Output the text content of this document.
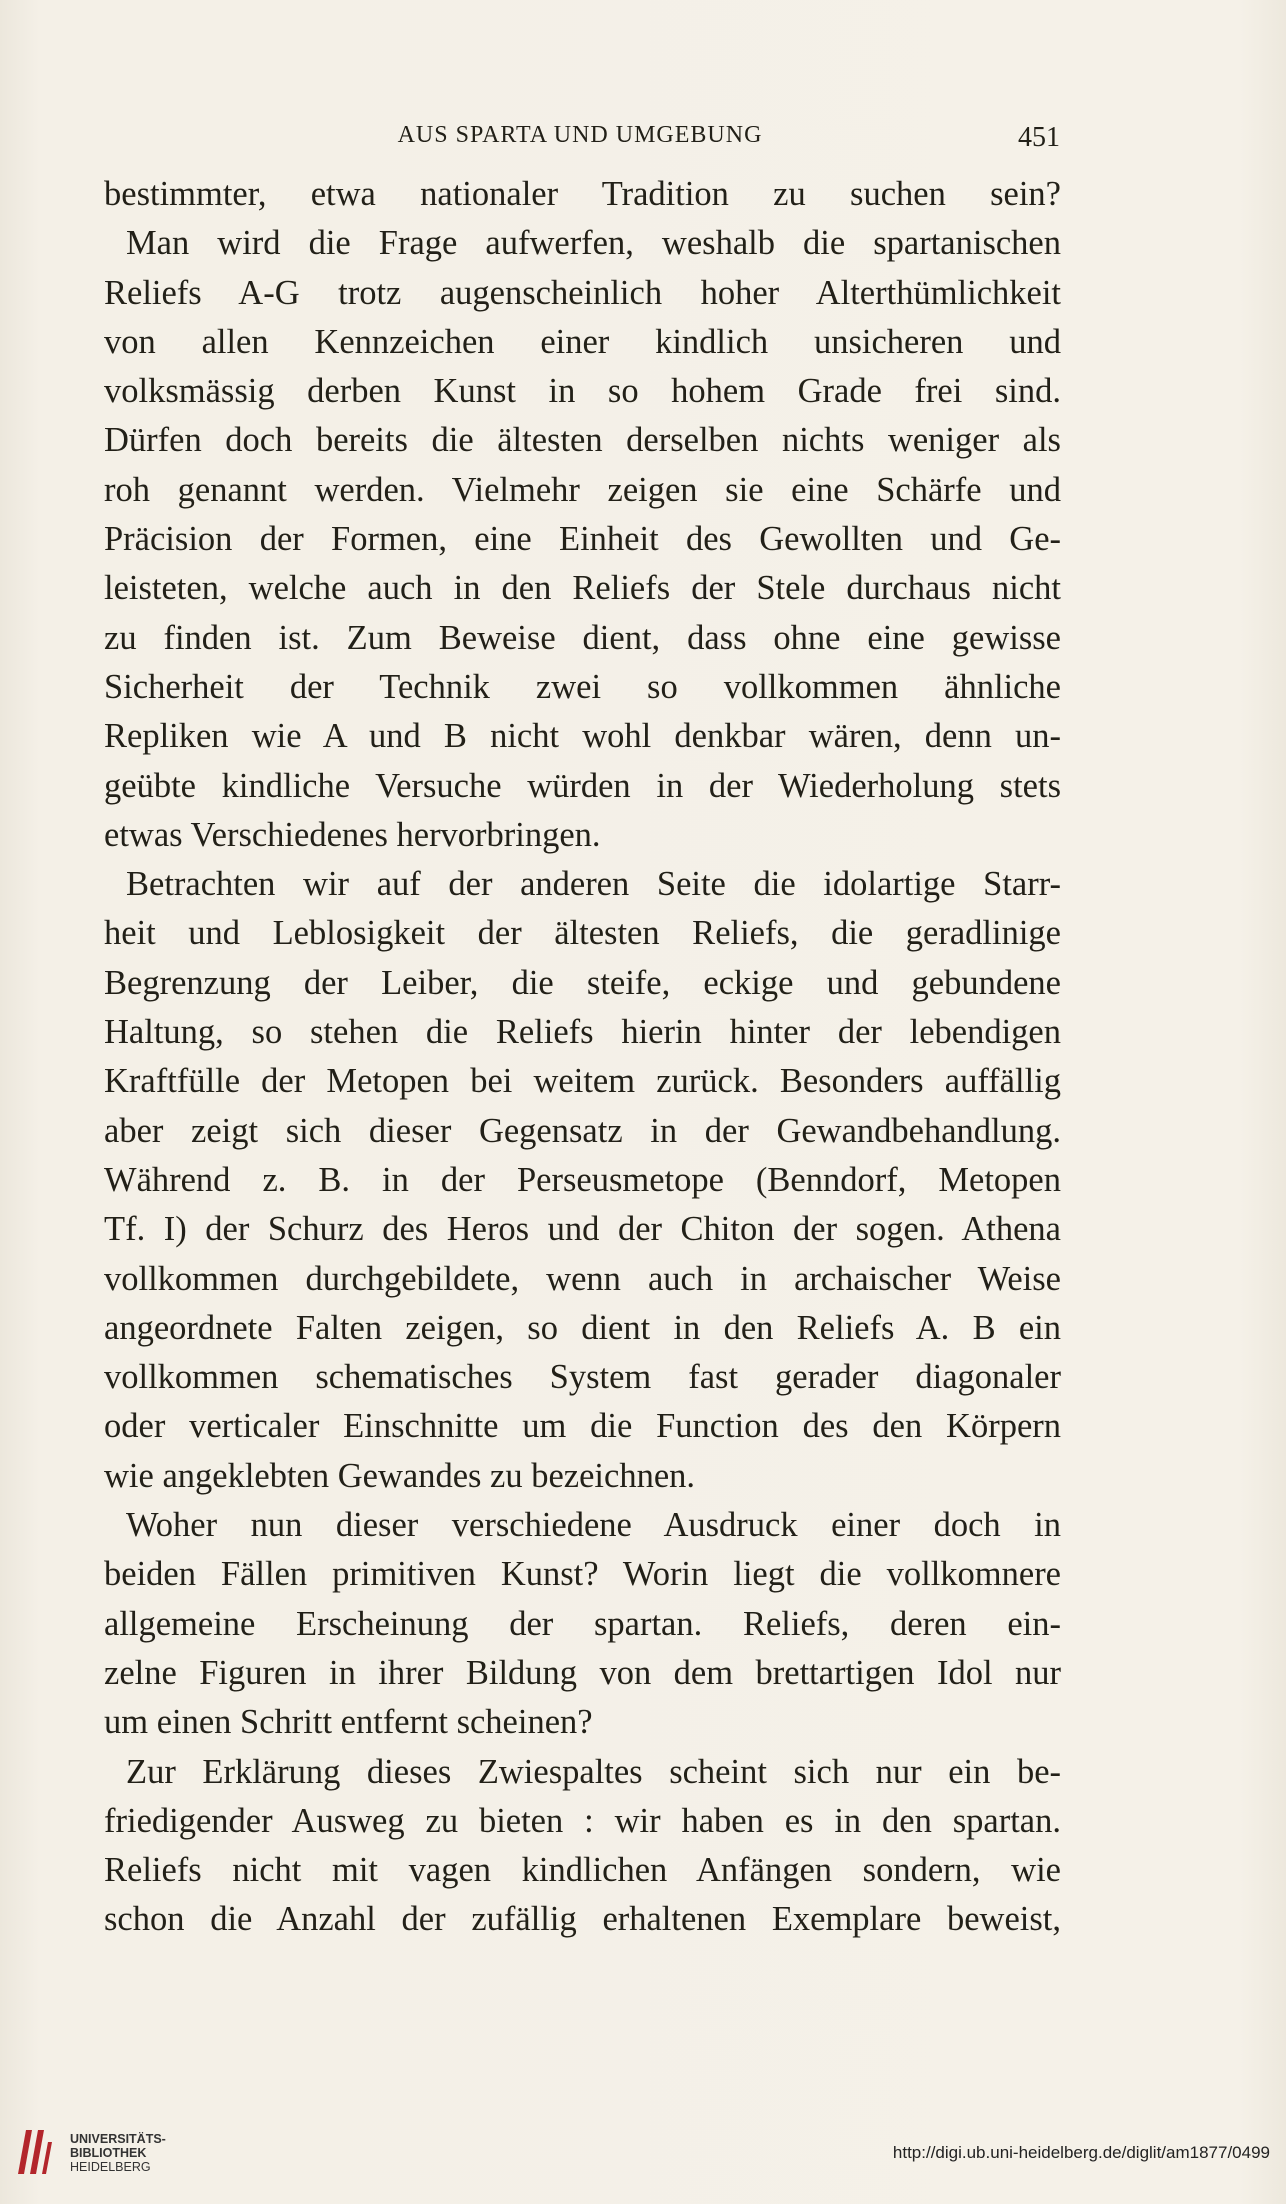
AUS SPARTA UND UMGEBUNG	451
bestimmter, etwa nationaler Tradition zu suchen sein?
Man wird die Frage aufwerfen, weshalb die spartanischen
Reliefs A-G trotz augenscheinlich hoher Alterthümlichkeit
von allen Kennzeichen einer kindlich unsicheren und
volksmässig derben Kunst in so hohem Grade frei sind.
Dürfen doch bereits die ältesten derselben nichts weniger als
roh genannt werden. Vielmehr zeigen sie eine Schärfe und
Präcision der Formen, eine Einheit des Gewollten und Ge-
leisteten, welche auch in den Reliefs der Stele durchaus nicht
zu finden ist. Zum Beweise dient, dass ohne eine gewisse
Sicherheit der Technik zwei so vollkommen ähnliche
Repliken wie A und B nicht wohl denkbar wären, denn un-
geübte kindliche Versuche würden in der Wiederholung stets
etwas Verschiedenes hervorbringen.
Betrachten wir auf der anderen Seite die idolartige Starr-
heit und Leblosigkeit der ältesten Reliefs, die geradlinige
Begrenzung der Leiber, die steife, eckige und gebundene
Haltung, so stehen die Reliefs hierin hinter der lebendigen
Kraftfülle der Metopen bei weitem zurück. Besonders auffällig
aber zeigt sich dieser Gegensatz in der Gewandbehandlung.
Während z. B. in der Perseusmetope (Benndorf, Metopen
Tf. I) der Schurz des Heros und der Chiton der sogen. Athena
vollkommen durchgebildete, wenn auch in archaischer Weise
angeordnete Falten zeigen, so dient in den Reliefs A. B ein
vollkommen schematisches System fast gerader diagonaler
oder verticaler Einschnitte um die Function des den Körpern
wie angeklebten Gewandes zu bezeichnen.
Woher nun dieser verschiedene Ausdruck einer doch in
beiden Fällen primitiven Kunst? Worin liegt die vollkomnere
allgemeine Erscheinung der spartan. Reliefs, deren ein-
zelne Figuren in ihrer Bildung von dem brettartigen Idol nur
um einen Schritt entfernt scheinen?
Zur Erklärung dieses Zwiespaltes scheint sich nur ein be-
friedigender Ausweg zu bieten : wir haben es in den spartan.
Reliefs nicht mit vagen kindlichen Anfängen sondern, wie
schon die Anzahl der zufällig erhaltenen Exemplare beweist,
UNIVERSITÄTS-
BIBLIOTHEK
HEIDELBERG
http://digi.ub.uni-heidelberg.de/diglit/am1877/0499
